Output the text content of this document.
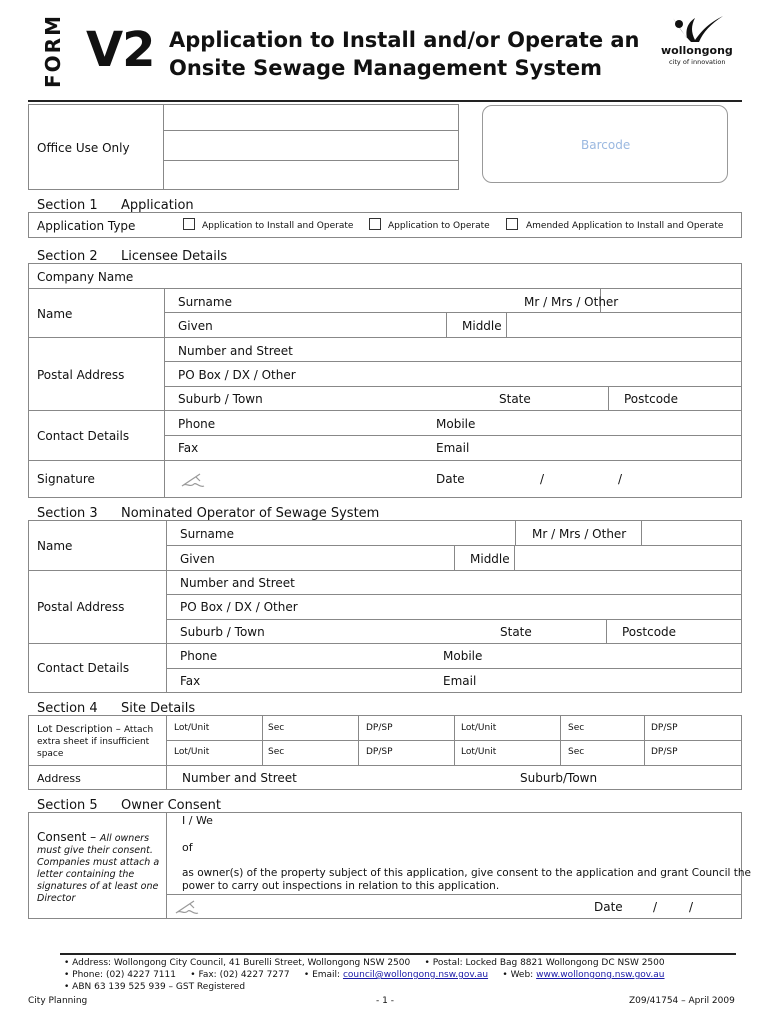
FORM V2 Application to Install and/or Operate an
Onsite Sewage Management System
wollongong
city of innovation
Office Use Only	Barcode
Section 1 Application
Application Type	Application to Install and Operate	Application to Operate	Amended Application to Install and Operate
Section 2 Licensee Details
Company Name
Name
Surname	Mr / Mrs / Other
Given	Middle
Postal Address
Number and Street
PO Box / DX / Other
Suburb / Town	State	Postcode
Contact Details
Phone	Mobile
Fax	Email
Signature	Date	/	/
Section 3 Nominated Operator of Sewage System
Name
Surname	Mr / Mrs / Other
Given	Middle
Postal Address
Number and Street
PO Box / DX / Other
Suburb / Town	State	Postcode
Contact Details
Phone	Mobile
Fax	Email
Section 4 Site Details
Lot Description – Attach
extra sheet if insufficient
space
Lot/Unit	Sec	DP/SP	Lot/Unit	Sec	DP/SP
Lot/Unit	Sec	DP/SP	Lot/Unit	Sec	DP/SP
Address	Number and Street	Suburb/Town
Section 5 Owner Consent
Consent – All owners
must give their consent.
Companies must attach a
letter containing the
signatures of at least one
Director
I / We
of
as owner(s) of the property subject of this application, give consent to the application and grant Council the
power to carry out inspections in relation to this application.
Date	/	/
• Address: Wollongong City Council, 41 Burelli Street, Wollongong NSW 2500     • Postal: Locked Bag 8821 Wollongong DC NSW 2500
• Phone: (02) 4227 7111     • Fax: (02) 4227 7277     • Email: council@wollongong.nsw.gov.au     • Web: www.wollongong.nsw.gov.au
• ABN 63 139 525 939 – GST Registered
City Planning	- 1 -	Z09/41754 – April 2009
